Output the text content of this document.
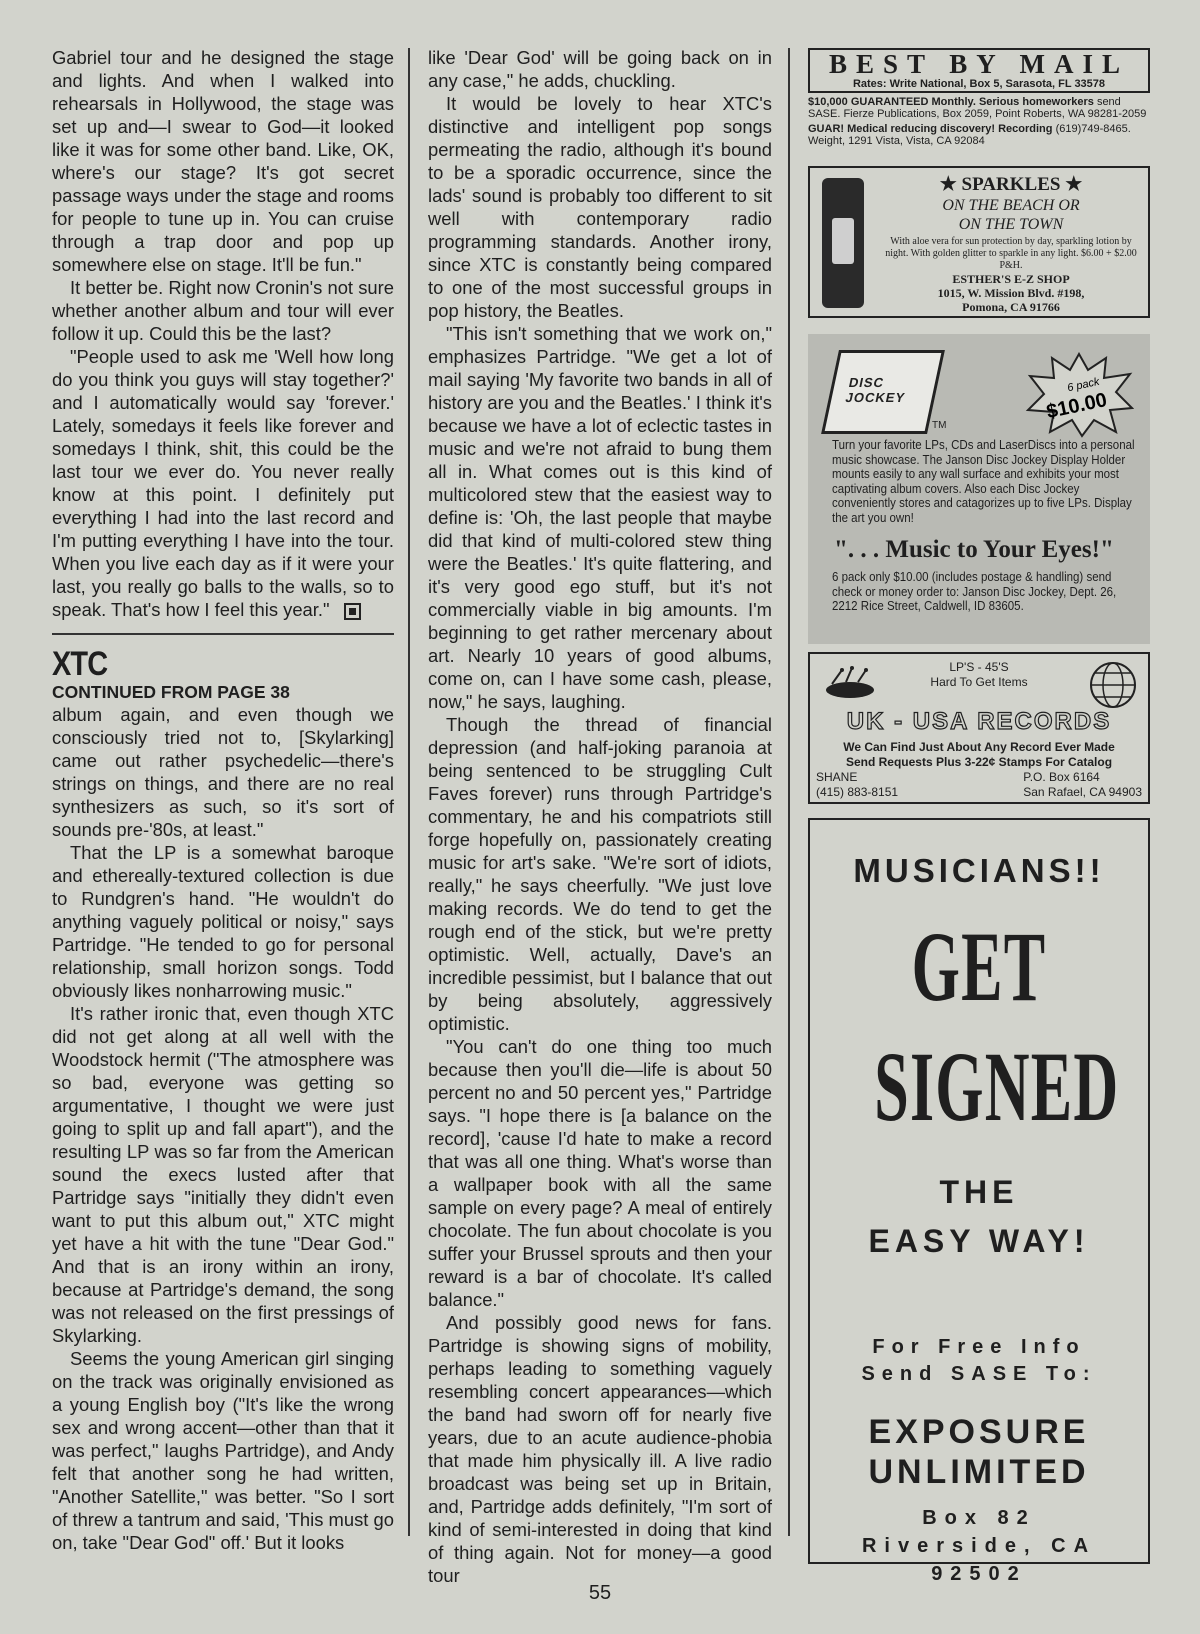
Gabriel tour and he designed the stage and lights. And when I walked into rehearsals in Hollywood, the stage was set up and—I swear to God—it looked like it was for some other band. Like, OK, where's our stage? It's got secret passage ways under the stage and rooms for people to tune up in. You can cruise through a trap door and pop up somewhere else on stage. It'll be fun."

It better be. Right now Cronin's not sure whether another album and tour will ever follow it up. Could this be the last?

"People used to ask me 'Well how long do you think you guys will stay together?' and I automatically would say 'forever.' Lately, somedays it feels like forever and somedays I think, shit, this could be the last tour we ever do. You never really know at this point. I definitely put everything I had into the last record and I'm putting everything I have into the tour. When you live each day as if it were your last, you really go balls to the walls, so to speak. That's how I feel this year."

XTC
CONTINUED FROM PAGE 38

album again, and even though we consciously tried not to, [Skylarking] came out rather psychedelic—there's strings on things, and there are no real synthesizers as such, so it's sort of sounds pre-'80s, at least."

That the LP is a somewhat baroque and ethereally-textured collection is due to Rundgren's hand. "He wouldn't do anything vaguely political or noisy," says Partridge. "He tended to go for personal relationship, small horizon songs. Todd obviously likes nonharrowing music."

It's rather ironic that, even though XTC did not get along at all well with the Woodstock hermit ("The atmosphere was so bad, everyone was getting so argumentative, I thought we were just going to split up and fall apart"), and the resulting LP was so far from the American sound the execs lusted after that Partridge says "initially they didn't even want to put this album out," XTC might yet have a hit with the tune "Dear God." And that is an irony within an irony, because at Partridge's demand, the song was not released on the first pressings of Skylarking.

Seems the young American girl singing on the track was originally envisioned as a young English boy ("It's like the wrong sex and wrong accent—other than that it was perfect," laughs Partridge), and Andy felt that another song he had written, "Another Satellite," was better. "So I sort of threw a tantrum and said, 'This must go on, take "Dear God" off.' But it looks

like 'Dear God' will be going back on in any case," he adds, chuckling.

It would be lovely to hear XTC's distinctive and intelligent pop songs permeating the radio, although it's bound to be a sporadic occurrence, since the lads' sound is probably too different to sit well with contemporary radio programming standards. Another irony, since XTC is constantly being compared to one of the most successful groups in pop history, the Beatles.

"This isn't something that we work on," emphasizes Partridge. "We get a lot of mail saying 'My favorite two bands in all of history are you and the Beatles.' I think it's because we have a lot of eclectic tastes in music and we're not afraid to bung them all in. What comes out is this kind of multicolored stew that the easiest way to define is: 'Oh, the last people that maybe did that kind of multi-colored stew thing were the Beatles.' It's quite flattering, and it's very good ego stuff, but it's not commercially viable in big amounts. I'm beginning to get rather mercenary about art. Nearly 10 years of good albums, come on, can I have some cash, please, now," he says, laughing.

Though the thread of financial depression (and half-joking paranoia at being sentenced to be struggling Cult Faves forever) runs through Partridge's commentary, he and his compatriots still forge hopefully on, passionately creating music for art's sake. "We're sort of idiots, really," he says cheerfully. "We just love making records. We do tend to get the rough end of the stick, but we're pretty optimistic. Well, actually, Dave's an incredible pessimist, but I balance that out by being absolutely, aggressively optimistic.

"You can't do one thing too much because then you'll die—life is about 50 percent no and 50 percent yes," Partridge says. "I hope there is [a balance on the record], 'cause I'd hate to make a record that was all one thing. What's worse than a wallpaper book with all the same sample on every page? A meal of entirely chocolate. The fun about chocolate is you suffer your Brussel sprouts and then your reward is a bar of chocolate. It's called balance."

And possibly good news for fans. Partridge is showing signs of mobility, perhaps leading to something vaguely resembling concert appearances—which the band had sworn off for nearly five years, due to an acute audience-phobia that made him physically ill. A live radio broadcast was being set up in Britain, and, Partridge adds definitely, "I'm sort of kind of semi-interested in doing that kind of thing again. Not for money—a good tour

BEST BY MAIL
Rates: Write National, Box 5, Sarasota, FL 33578
$10,000 GUARANTEED Monthly. Serious homeworkers send SASE. Fierze Publications, Box 2059, Point Roberts, WA 98281-2059
GUAR! Medical reducing discovery! Recording (619)749-8465. Weight, 1291 Vista, Vista, CA 92084
★ SPARKLES ★
ON THE BEACH OR
ON THE TOWN
With aloe vera for sun protection by day, sparkling lotion by night. With golden glitter to sparkle in any light. $6.00 + $2.00 P&H.
ESTHER'S E-Z SHOP
1015, W. Mission Blvd. #198,
Pomona, CA 91766
DISC JOCKEY
TM
6 pack
$10.00
Turn your favorite LPs, CDs and LaserDiscs into a personal music showcase. The Janson Disc Jockey Display Holder mounts easily to any wall surface and exhibits your most captivating album covers. Also each Disc Jockey conveniently stores and catagorizes up to five LPs. Display the art you own!
". . . Music to Your Eyes!"
6 pack only $10.00 (includes postage & handling) send check or money order to: Janson Disc Jockey, Dept. 26, 2212 Rice Street, Caldwell, ID 83605.
LP'S - 45'S
Hard To Get Items
UK - USA RECORDS
We Can Find Just About Any Record Ever Made
Send Requests Plus 3-22¢ Stamps For Catalog
SHANE
(415) 883-8151
P.O. Box 6164
San Rafael, CA 94903
MUSICIANS!!
GET
SIGNED
THE
EASY WAY!
For Free Info
Send SASE To:
EXPOSURE
UNLIMITED
Box 82
Riverside, CA
92502
55
